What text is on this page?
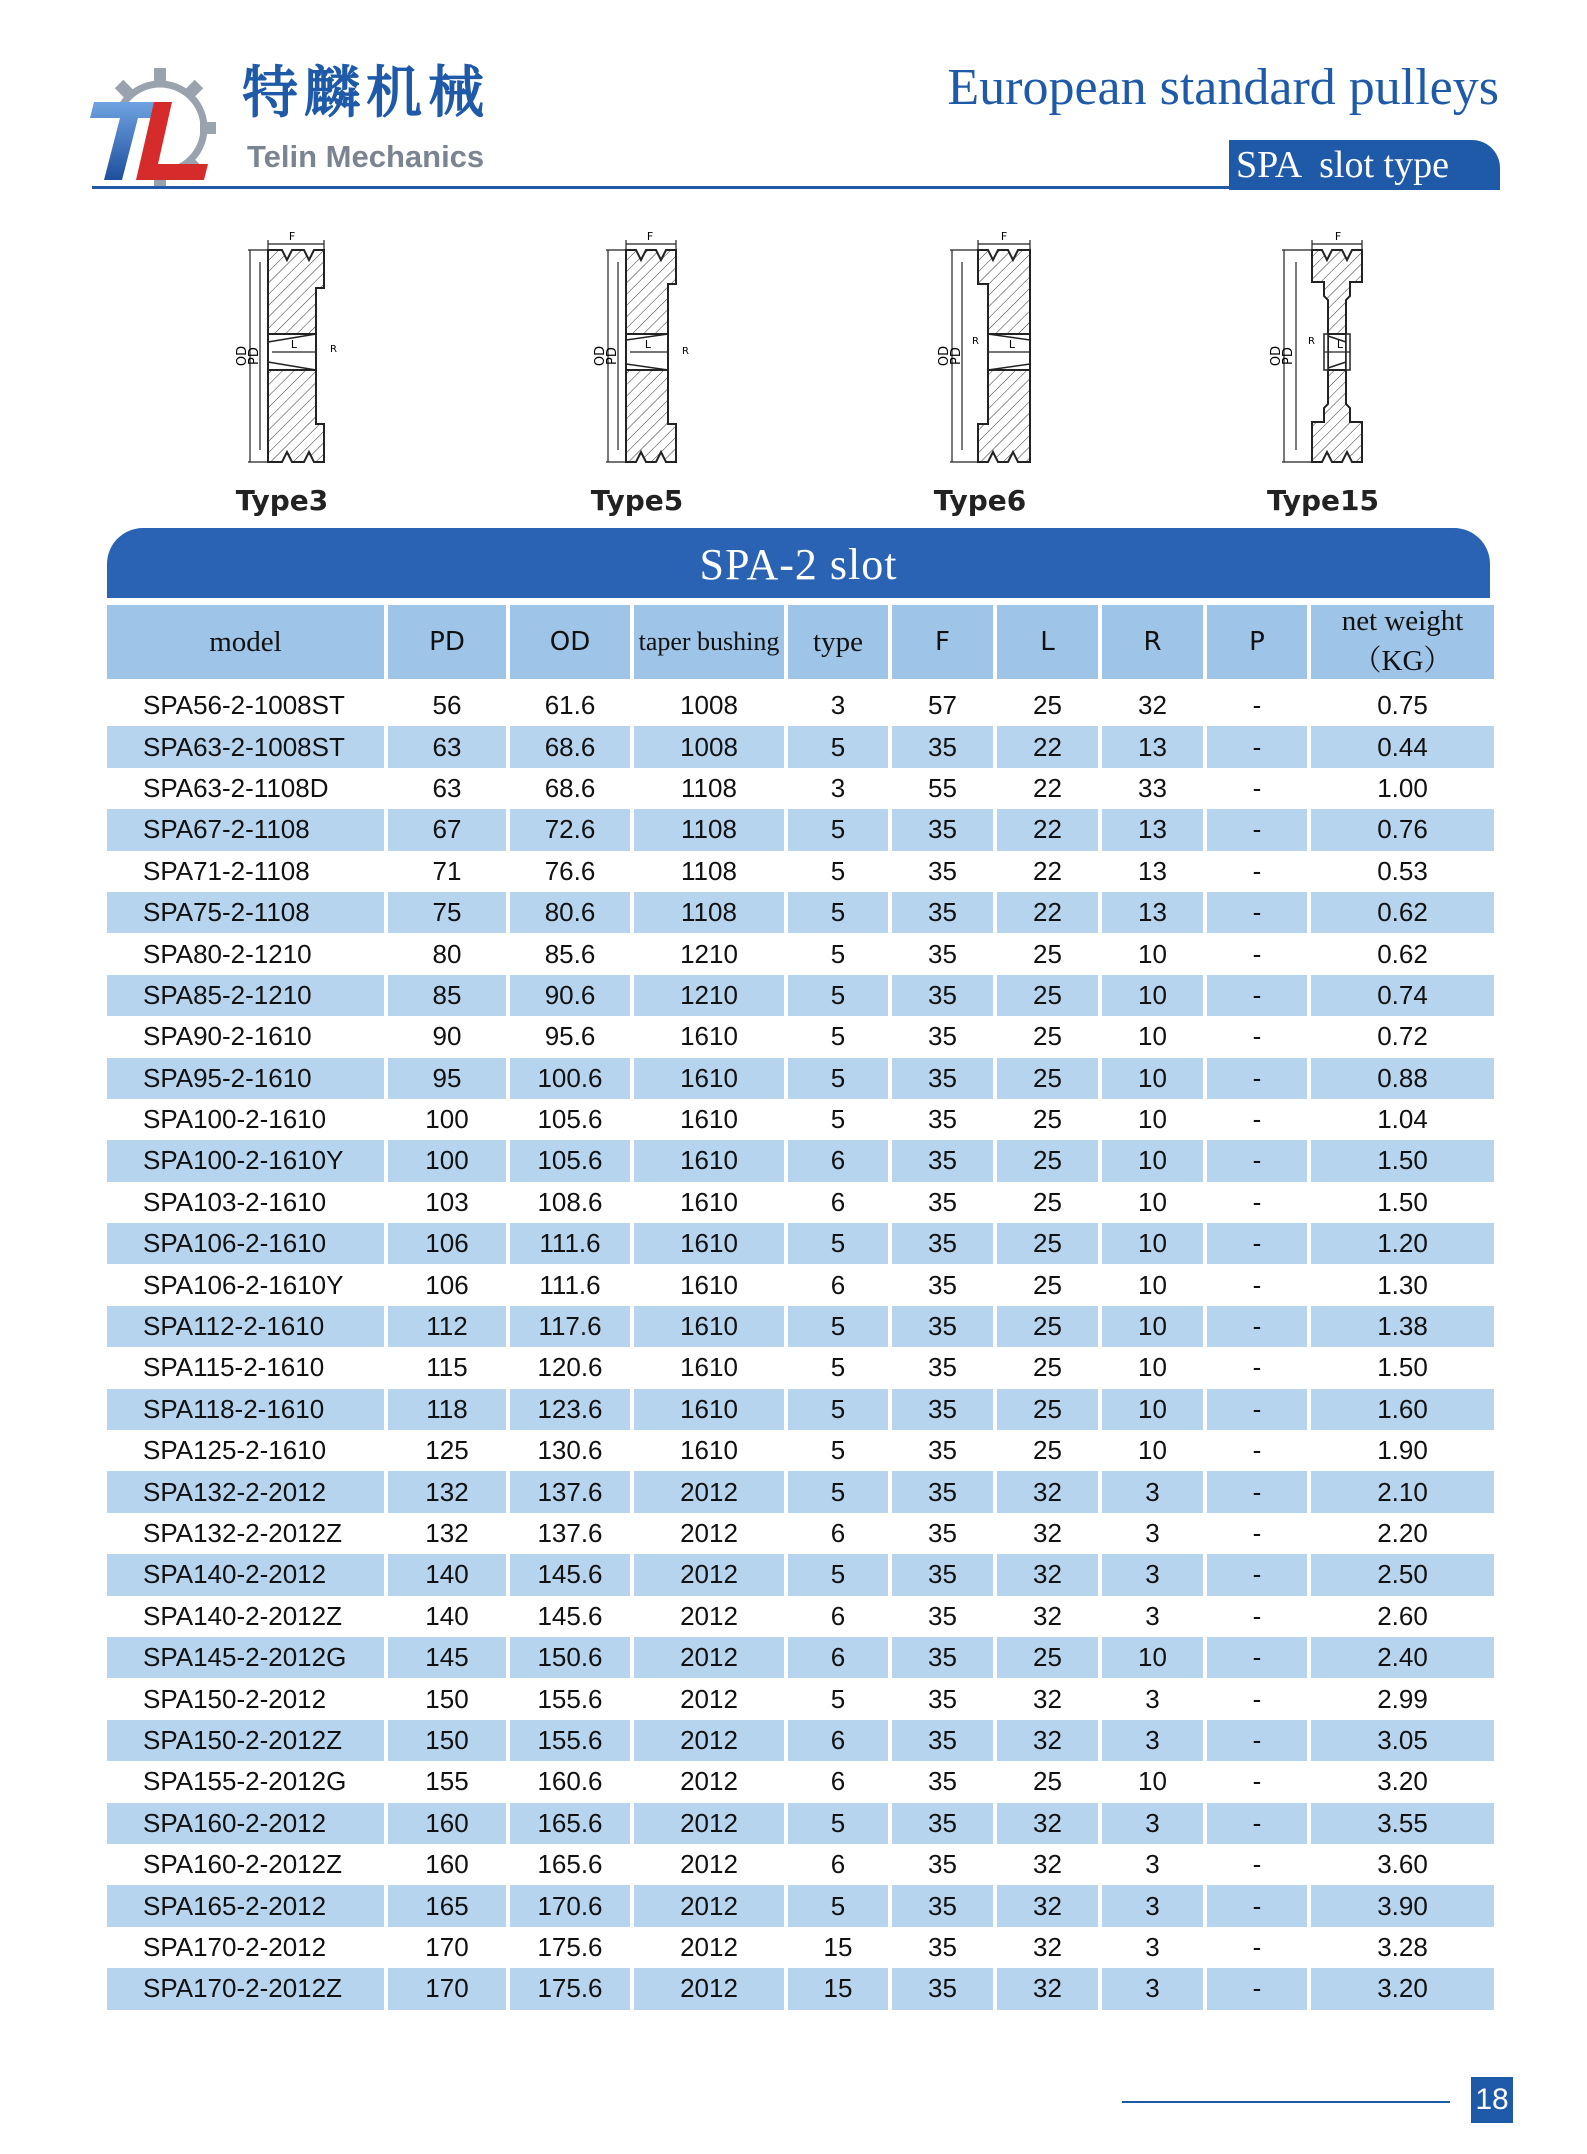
TL	特麟机械
Telin Mechanics
European standard pulleys
SPA  slot type
F
L	R
OD
PD
Type3
F
L
R
OD
PD
Type5
F
L
R
OD
PD
Type6
F
L
R
OD
PD
Type15
SPA-2 slot
model	PD	OD	taper bushing	type	F	L	R	P	net weight（KG）
SPA56-2-1008ST	56	61.6	1008	3	57	25	32	-	0.75
SPA63-2-1008ST	63	68.6	1008	5	35	22	13	-	0.44
SPA63-2-1108D	63	68.6	1108	3	55	22	33	-	1.00
SPA67-2-1108	67	72.6	1108	5	35	22	13	-	0.76
SPA71-2-1108	71	76.6	1108	5	35	22	13	-	0.53
SPA75-2-1108	75	80.6	1108	5	35	22	13	-	0.62
SPA80-2-1210	80	85.6	1210	5	35	25	10	-	0.62
SPA85-2-1210	85	90.6	1210	5	35	25	10	-	0.74
SPA90-2-1610	90	95.6	1610	5	35	25	10	-	0.72
SPA95-2-1610	95	100.6	1610	5	35	25	10	-	0.88
SPA100-2-1610	100	105.6	1610	5	35	25	10	-	1.04
SPA100-2-1610Y	100	105.6	1610	6	35	25	10	-	1.50
SPA103-2-1610	103	108.6	1610	6	35	25	10	-	1.50
SPA106-2-1610	106	111.6	1610	5	35	25	10	-	1.20
SPA106-2-1610Y	106	111.6	1610	6	35	25	10	-	1.30
SPA112-2-1610	112	117.6	1610	5	35	25	10	-	1.38
SPA115-2-1610	115	120.6	1610	5	35	25	10	-	1.50
SPA118-2-1610	118	123.6	1610	5	35	25	10	-	1.60
SPA125-2-1610	125	130.6	1610	5	35	25	10	-	1.90
SPA132-2-2012	132	137.6	2012	5	35	32	3	-	2.10
SPA132-2-2012Z	132	137.6	2012	6	35	32	3	-	2.20
SPA140-2-2012	140	145.6	2012	5	35	32	3	-	2.50
SPA140-2-2012Z	140	145.6	2012	6	35	32	3	-	2.60
SPA145-2-2012G	145	150.6	2012	6	35	25	10	-	2.40
SPA150-2-2012	150	155.6	2012	5	35	32	3	-	2.99
SPA150-2-2012Z	150	155.6	2012	6	35	32	3	-	3.05
SPA155-2-2012G	155	160.6	2012	6	35	25	10	-	3.20
SPA160-2-2012	160	165.6	2012	5	35	32	3	-	3.55
SPA160-2-2012Z	160	165.6	2012	6	35	32	3	-	3.60
SPA165-2-2012	165	170.6	2012	5	35	32	3	-	3.90
SPA170-2-2012	170	175.6	2012	15	35	32	3	-	3.28
SPA170-2-2012Z	170	175.6	2012	15	35	32	3	-	3.20
18
